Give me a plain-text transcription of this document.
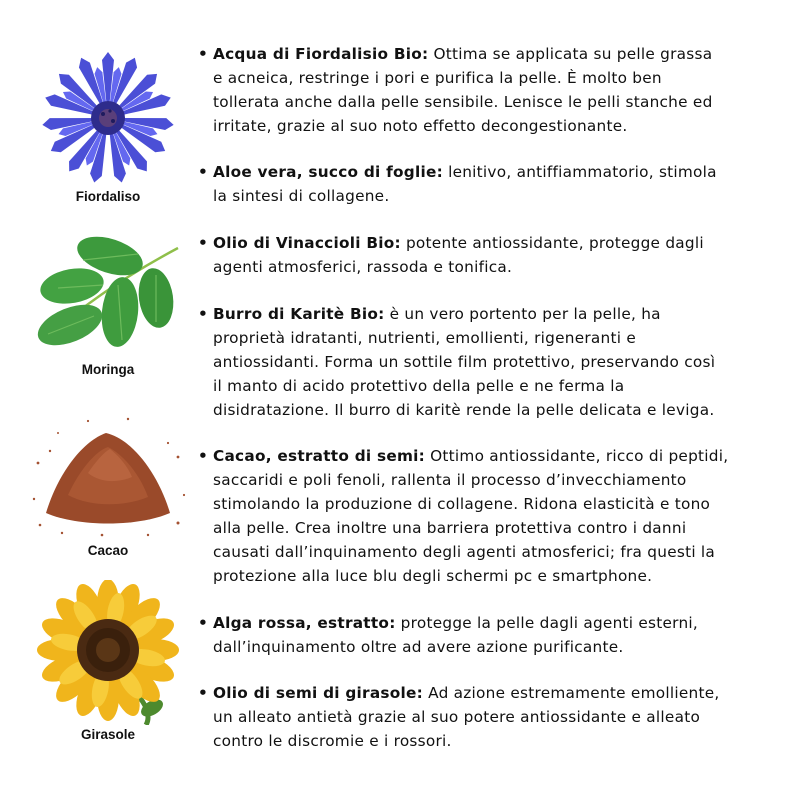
Fiordaliso
Moringa
Cacao
Girasole
• Acqua di Fiordalisio Bio: Ottima se applicata su pelle grassa
e acneica, restringe i pori e purifica la pelle. È molto ben
tollerata anche dalla pelle sensibile. Lenisce le pelli stanche ed
irritate, grazie al suo noto effetto decongestionante.
• Aloe vera, succo di foglie: lenitivo, antiffiammatorio, stimola
la sintesi di collagene.
• Olio di Vinaccioli Bio: potente antiossidante, protegge dagli
agenti atmosferici, rassoda e tonifica.
• Burro di Karitè Bio: è un vero portento per la pelle, ha
proprietà idratanti, nutrienti, emollienti, rigeneranti e
antiossidanti. Forma un sottile film protettivo, preservando così
il manto di acido protettivo della pelle e ne ferma la
disidratazione. Il burro di karitè rende la pelle delicata e leviga.
• Cacao, estratto di semi: Ottimo antiossidante, ricco di peptidi,
saccaridi e poli fenoli, rallenta il processo d’invecchiamento
stimolando la produzione di collagene. Ridona elasticità e tono
alla pelle. Crea inoltre una barriera protettiva contro i danni
causati dall’inquinamento degli agenti atmosferici; fra questi la
protezione alla luce blu degli schermi pc e smartphone.
• Alga rossa, estratto: protegge la pelle dagli agenti esterni,
dall’inquinamento oltre ad avere azione purificante.
• Olio di semi di girasole: Ad azione estremamente emolliente,
un alleato antietà grazie al suo potere antiossidante e alleato
contro le discromie e i rossori.
